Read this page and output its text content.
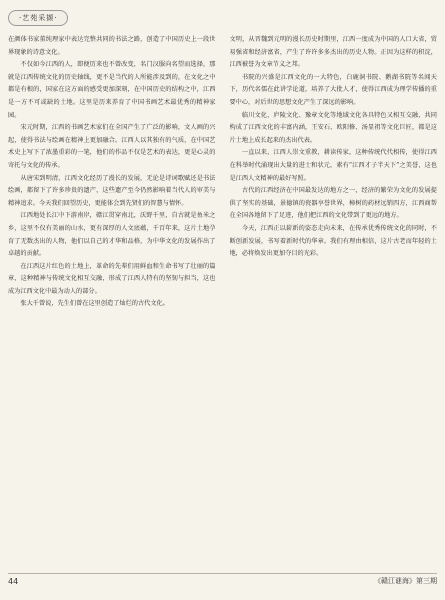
·艺苑采撷·

在颜体书家董纯理家中表达完整共同的书法之路，创造了中国历史上一段世界现象的诗意文化。

不仅如今江西的人，即便历来也不曾改变，名门汉服向名望而选择，那就是江西传统文化的历史轴线，更不是当代的人所能涉及到的，在文化之中都是有根的，国家在这方面的感受更加深刻，在中国历史的结构之中，江西是一方不可或缺的土地。这里是历来养育了中国书画艺术最优秀的精神家园。

宋元时期，江西的书画艺术家们在全国产生了广泛的影响，文人画的兴起，使得书法与绘画在精神上更加融合。江西人以其独有的气质，在中国艺术史上写下了浓墨重彩的一笔，他们的作品不仅是艺术的表达，更是心灵的寄托与文化的传承。

从唐宋到明清，江西文化经历了漫长的发展，无论是诗词歌赋还是书法绘画，都留下了许多珍贵的遗产，这些遗产至今仍然影响着当代人的审美与精神追求。今天我们回望历史，更能体会到先贤们的智慧与情怀。

江西地处长江中下游南岸，赣江贯穿南北，沃野千里，自古就是鱼米之乡，这里不仅有美丽的山水，更有深厚的人文底蕴，千百年来，这片土地孕育了无数杰出的人物，他们以自己的才华和品格，为中华文化的发展作出了卓越的贡献。

在江西这片红色的土地上，革命的先辈们用鲜血和生命书写了壮丽的篇章，这种精神与传统文化相互交融，形成了江西人特有的坚韧与担当，这也成为江西文化中最为动人的部分。

张大千曾说，先生们曾在这里创造了灿烂的古代文化。

文明，从晋魏到元明的漫长历史时期里，江西一度成为中国的人口大省，贸易强省和经济富省，产生了许许多多杰出的历史人物。正因为这样的积淀，江西被誉为文章节义之邦。

书院的兴盛是江西文化的一大特色，白鹿洞书院、鹅湖书院等名闻天下，历代名儒在此讲学论道，培养了大批人才，使得江西成为理学传播的重要中心，对后世的思想文化产生了深远的影响。

临川文化、庐陵文化、豫章文化等地域文化各具特色又相互交融，共同构成了江西文化的丰富内涵，王安石、欧阳修、汤显祖等文化巨匠，都是这片土地上成长起来的杰出代表。

一直以来，江西人崇文重教，耕读传家，这种传统代代相传，使得江西在科举时代涌现出大量的进士和状元，素有“江西才子半天下”之美誉，这也是江西人文精神的最好写照。

古代的江西经济在中国最发达的地方之一，经济的繁荣为文化的发展提供了坚实的基础，景德镇的瓷器享誉世界，樟树的药材远销四方，江西商帮在全国各地留下了足迹，他们把江西的文化带到了更远的地方。

今天，江西正以崭新的姿态走向未来，在传承优秀传统文化的同时，不断创新发展，书写着新时代的华章。我们有理由相信，这片古老而年轻的土地，必将焕发出更加夺目的光彩。

44	《赣江谜海》第三期
